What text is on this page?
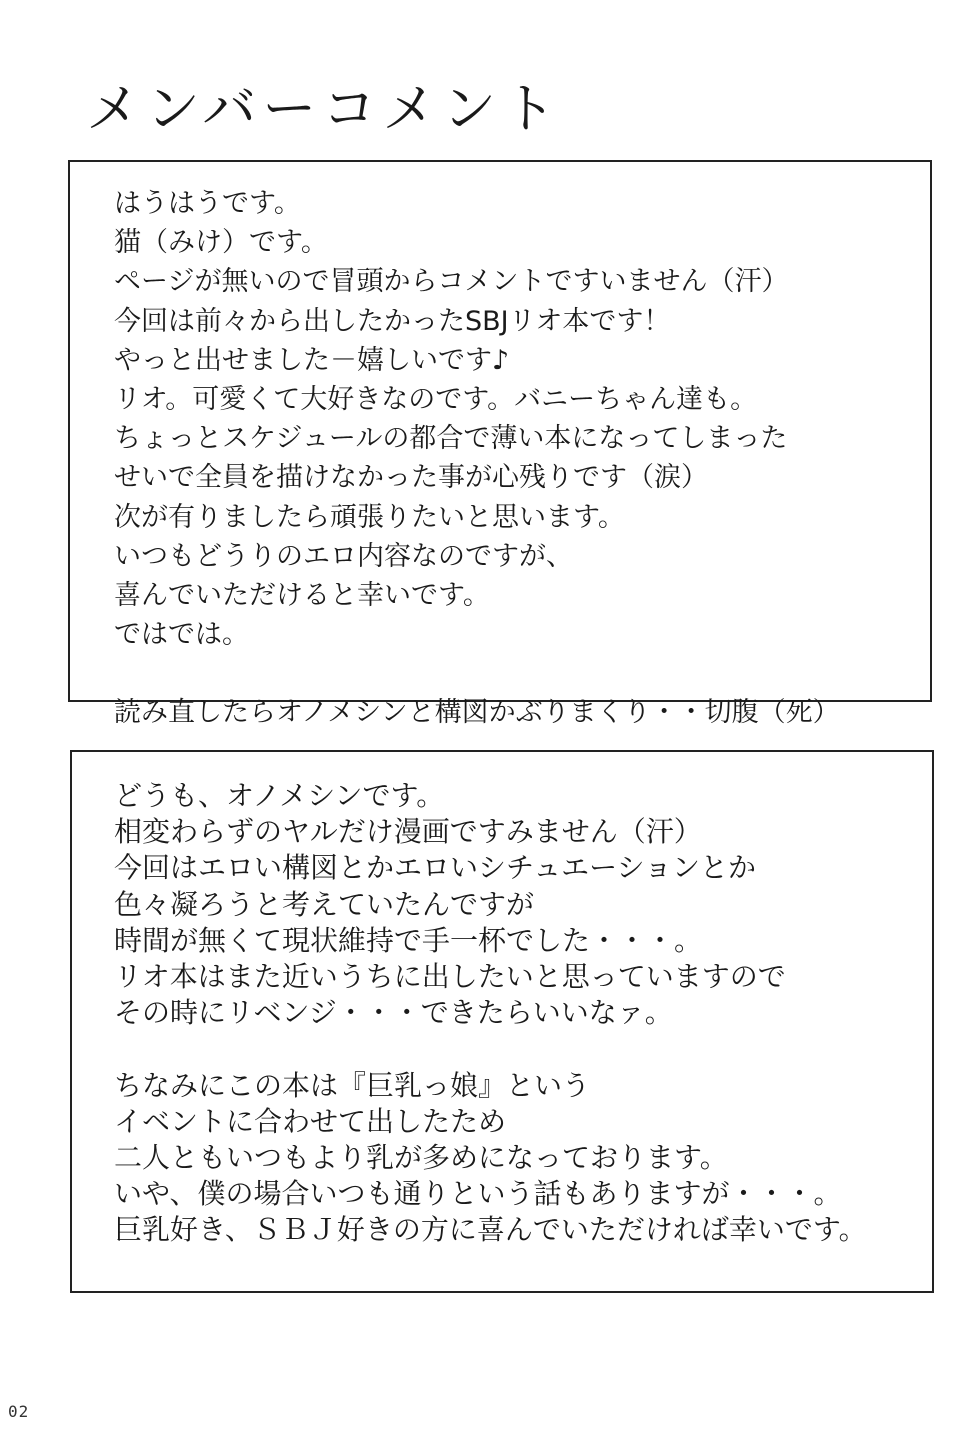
メンバーコメント
はうはうです。
猫（みけ）です。
ページが無いので冒頭からコメントですいません（汗）
今回は前々から出したかったSBJリオ本です！
やっと出せました－嬉しいです♪
リオ。可愛くて大好きなのです。バニーちゃん達も。
ちょっとスケジュールの都合で薄い本になってしまった
せいで全員を描けなかった事が心残りです（涙）
次が有りましたら頑張りたいと思います。
いつもどうりのエロ内容なのですが、
喜んでいただけると幸いです。
ではでは。
読み直したらオノメシンと構図かぶりまくり・・切腹（死）
どうも、オノメシンです。
相変わらずのヤルだけ漫画ですみません（汗）
今回はエロい構図とかエロいシチュエーションとか
色々凝ろうと考えていたんですが
時間が無くて現状維持で手一杯でした・・・。
リオ本はまた近いうちに出したいと思っていますので
その時にリベンジ・・・できたらいいなァ。
ちなみにこの本は『巨乳っ娘』という
イベントに合わせて出したため
二人ともいつもより乳が多めになっております。
いや、僕の場合いつも通りという話もありますが・・・。
巨乳好き、ＳＢＪ好きの方に喜んでいただければ幸いです。
02
